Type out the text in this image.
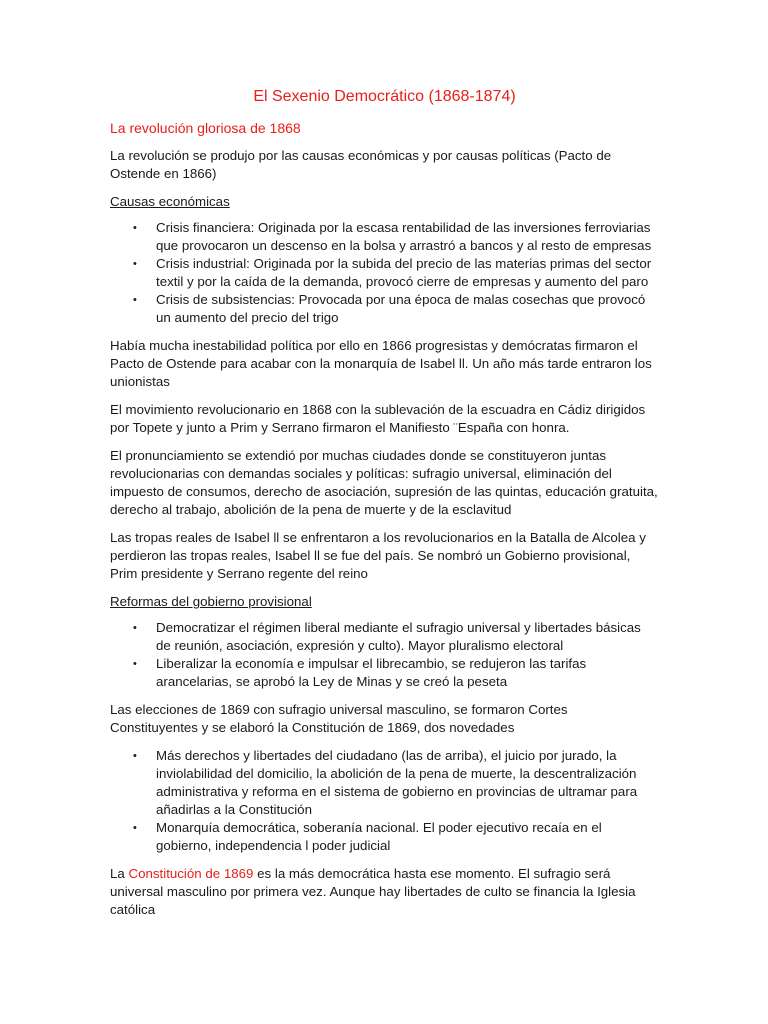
El Sexenio Democrático (1868-1874)
La revolución gloriosa de 1868

La revolución se produjo por las causas económicas y por causas políticas (Pacto de Ostende en 1866)

Causas económicas

• Crisis financiera: Originada por la escasa rentabilidad de las inversiones ferroviarias que provocaron un descenso en la bolsa y arrastró a bancos y al resto de empresas
• Crisis industrial: Originada por la subida del precio de las materias primas del sector textil y por la caída de la demanda, provocó cierre de empresas y aumento del paro
• Crisis de subsistencias: Provocada por una época de malas cosechas que provocó un aumento del precio del trigo

Había mucha inestabilidad política por ello en 1866 progresistas y demócratas firmaron el Pacto de Ostende para acabar con la monarquía de Isabel ll. Un año más tarde entraron los unionistas

El movimiento revolucionario en 1868 con la sublevación de la escuadra en Cádiz dirigidos por Topete y junto a Prim y Serrano firmaron el Manifiesto ¨España con honra.

El pronunciamiento se extendió por muchas ciudades donde se constituyeron juntas revolucionarias con demandas sociales y políticas: sufragio universal, eliminación del impuesto de consumos, derecho de asociación, supresión de las quintas, educación gratuita, derecho al trabajo, abolición de la pena de muerte y de la esclavitud

Las tropas reales de Isabel ll se enfrentaron a los revolucionarios en la Batalla de Alcolea y perdieron las tropas reales, Isabel ll se fue del país. Se nombró un Gobierno provisional, Prim presidente y Serrano regente del reino

Reformas del gobierno provisional

• Democratizar el régimen liberal mediante el sufragio universal y libertades básicas de reunión, asociación, expresión y culto). Mayor pluralismo electoral
• Liberalizar la economía e impulsar el librecambio, se redujeron las tarifas arancelarias, se aprobó la Ley de Minas y se creó la peseta

Las elecciones de 1869 con sufragio universal masculino, se formaron Cortes Constituyentes y se elaboró la Constitución de 1869, dos novedades

• Más derechos y libertades del ciudadano (las de arriba), el juicio por jurado, la inviolabilidad del domicilio, la abolición de la pena de muerte, la descentralización administrativa y reforma en el sistema de gobierno en provincias de ultramar para añadirlas a la Constitución
• Monarquía democrática, soberanía nacional. El poder ejecutivo recaía en el gobierno, independencia l poder judicial

La Constitución de 1869 es la más democrática hasta ese momento. El sufragio será universal masculino por primera vez. Aunque hay libertades de culto se financia la Iglesia católica
